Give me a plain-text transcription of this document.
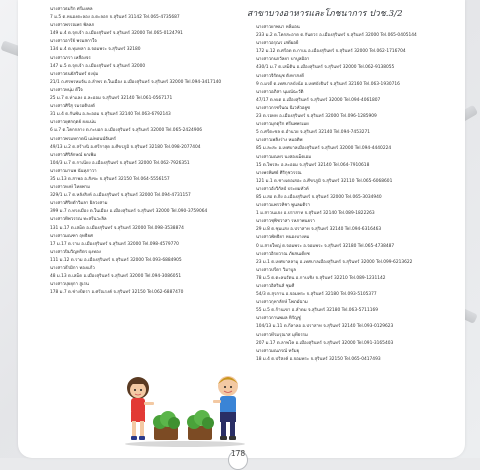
นางสาวธมริก ศรีมงคล
7 ม.5 ต.หนองตะลอง อ.ตะลอก จ.สุรินทร์ 31142 Tel.065-4735687
นางสาวพรรณพร พัลลภ
149 ม.4 ต.จุกเจ้า อ.เมืองสุรินทร์ จ.สุรินทร์ 32000 Tel.065-0124791
นางสาวอารีย์ พรมสกาใจ
134 ม.4 ต.ทุมหลา อ.จอมพระ จ.สุรินทร์ 32180
นางสาวภรา เหลืองจร
147 ม.5 ต.จุกเจ้า อ.เมืองสุรินทร์ จ.สุรินทร์ 32000
นางสาวธนยัสวินทร์ ธงปุ่ม
21/1 ถ.ศรพรหมจัน อ.ลำพร ต.ในเมือง อ.เมืองสุรินทร์ จ.สุรินทร์ 32000 Tel.094-3417140
นางสาวหนุ่ม ดีใจ
25 ม.7 ต.ท่าแลง อ.ละออม จ.สุรินทร์ 32140 Tel.061-0567171
นางสาวศิรีสุ รมรอดิปงต์
31 ม.4 ต.กันพัน อ.ละออม จ.สุรินทร์ 32140 Tel.063-6792143
นางสาวยุศกฤตย์ ยงแน่น
6 ม.7 ต.โคกกลาง ต.กะบอก อ.เมืองสุรินทร์ จ.สุรินทร์ 32000 Tel.065-2424906
นางสาวพรมหกาดนี่ แม่หอนน์จันทร์
49/13 ม.2 ต.สร้างนิ อ.ศรีกาสุด อ.ศีขรภูมิ จ.สุรินทร์ 32180 Tel.098-2077404
นางสาวศิริลักษณ์ ยกเพิ่ม
104/3 ม.7 ต.กาเนียง อ.เมืองสุรินทร์ จ.สุรินทร์ 32000 Tel.062-7926351
นางสาวมานพ นันทุภาวา
35 ม.13 ต.สาพอ อ.สังขะ จ.สุรินทร์ 32150 Tel.064-5556157
นางสาวหงษ์ ไทยพาม
329/1 ม.7 ต.หลังสิงห์ อ.เมืองสุรินทร์ จ.สุรินทร์ 32000 Tel.094-4731157
นางสาวศิริยตำวิมลา ผิลวงสาม
399 ม.7 ถ.ทรงเมือง ต.ในเมือง อ.เมืองสุรินทร์ จ.สุรินทร์ 32000 Tel.090-3759064
นางสาวทิพวรรณ ทะสรีนวะลิล
131 ม.17 ต.เสม็ด อ.เมืองสุรินทร์ จ.สุรินทร์ 32000 Tel.098-3538874
นางสาวมณฑา ฤทธิยศ
17 ม.17 ต.ราม อ.เมืองสุรินทร์ จ.สุรินทร์ 32000 Tel.098-4579770
นางสาวปิมวิญหริตร ผุงทอง
111 ม.12 ต.ราม อ.เมืองสุรินทร์ จ.สุรินทร์ 32000 Tel.093-6884905
นางสาวธีรมิกา ทองแก้ว
48 ม.13 ต.เสม็ด อ.เมืองสุรินทร์ จ.สุรินทร์ 32000 Tel.094-3086051
นางสาวปุยยุกา สูเรน
178 ม.7 ต.ช่างปี่ตรา อ.ศรีณรงค์ จ.สุรินทร์ 32150 Tel.062-6887470
สาขาบางอาหารและโภชนาการ ปวช.3/2
นางสาวยาพนา หลีมอน
233 ม.2 ต.โคกสะอาด ต.กันตวร อ.เมืองสุรินทร์ จ.สุรินทร์ 32000 Tel.065-0405144
นางสาวอรุณร เสดีผอยี
172 ม.12 ต.ศรีอด ต.กาเน อ.เมืองสุรินทร์ จ.สุรินทร์ 32000 Tel.062-1716704
นางสาวกนกวัลยา บาบูลมิอา
430/1 ม.7 ต.เสม็ดิน อ.เมืองสุรินทร์ จ.สุรินทร์ 32000 Tel.062-9138055
นางสาวจิรัดนุช ตังหาสงดี
9 ถ.มรดี ต.เทศบาลบังน้อ อ.เทศบังธินร์ จ.สุรินทร์ 32160 Tel.063-1930716
นางสาวอภิสา นุมณ์ฉะวัติ
47/17 ต.ทเต อ.เมืองสุรินทร์ จ.สุรินทร์ 32000 Tel.094-4061807
นางสาวกรชรีนณ นิเวหัวอยูซ
23 ต.รอทท อ.เมืองสุรินทร์ จ.สุรินทร์ 32000 Tel.096-1285909
นางสาวมุกตุริก ศรีนพพรเมย
5 ถ.ศรีตะซล ต.อำนวย จ.สุรินทร์ 32140 Tel.094-7453271
นางสาวเพลิงร่าง หมอดิพ
85 ม.ละสะ อ.เทศบาลเมืองสุรินทร์ จ.สุรินทร์ 32000 Tel.094-4440224
นางสาวมณทร นงสองเม็ดเอม
15 ต.ไพรสะ อ.ละออม จ.สุรินทร์ 32140 Tel.064-7910618
นางพรพิเศย์ ศิริกุชวรรณ
121 ม.1 ต.ชางเดอเสอะ อ.ศีขรภูมิ จ.สุรินทร์ 32110 Tel.065-6068601
นางสาวอังวิกัลป์ ประยมทัวท์
85 ม.สอ ต.ยิ่ง อ.เมืองสุรินทร์ จ.สุรินทร์ 32000 Tel.065-3034940
นางสาวแพรวทิชา พูนลมดิรา
1 ม.สาวนแจง อ.ปราสาท จ.สุรินทร์ 32140 Tel.089-1822263
นางสาวชุพิชวาสา รหภาพนยรา
29 ม.8 ต.ชุมแสง อ.ปราสาท จ.สุรินทร์ 32140 Tel.094-6316463
นางสาวพัทธิยา หนองบางทม
0 ม.สายใหญ่ ต.จอมพระ อ.จอมพระ จ.สุรินทร์ 32180 Tel.065-4738487
นางสาวอิรยวาณ ภัยสนเดียช
23 ม.1 ต.เทศบาลลามุ อ.เทศบาลเมืองสุรินทร์ จ.สุรินทร์ 32000 Tel.099-6213622
นางสาวปรีดา วิมาบูล
78 ม.5 ต.ตะลนรัตน อ.กาบเชิง จ.สุรินทร์ 32210 Tel.089-1231142
นางสาวอิสรินส์ ชุมศี
54/3 ต.สุรกาน อ.จอมพระ จ.สุรินทร์ 32180 Tel.093-5105377
นางสาวกุหาลักษ์ โพภมัฉาม
55 ม.5 ต.ก้านเขา อ.ลำดม จ.สุรินทร์ 32180 Tel.063-5711169
นางสาวกานพมล หิรัญชู่
104/13 ม.11 ต.กีลาลอ อ.ปราสาท จ.สุรินทร์ 32140 Tel.093-0129623
นางสาวทีรมรุณาส มุที่ธรรม
207 ม.17 ต.ลาพโค อ.เมืองสุรินทร์ จ.สุรินทร์ 32000 Tel.091-3165403
นางสาวมณภรณ์ ทรัมยุ
18 ม.4 ต.ปริสงค์ อ.จอมพระ จ.สุรินทร์ 32150 Tel.065-0417493
178
